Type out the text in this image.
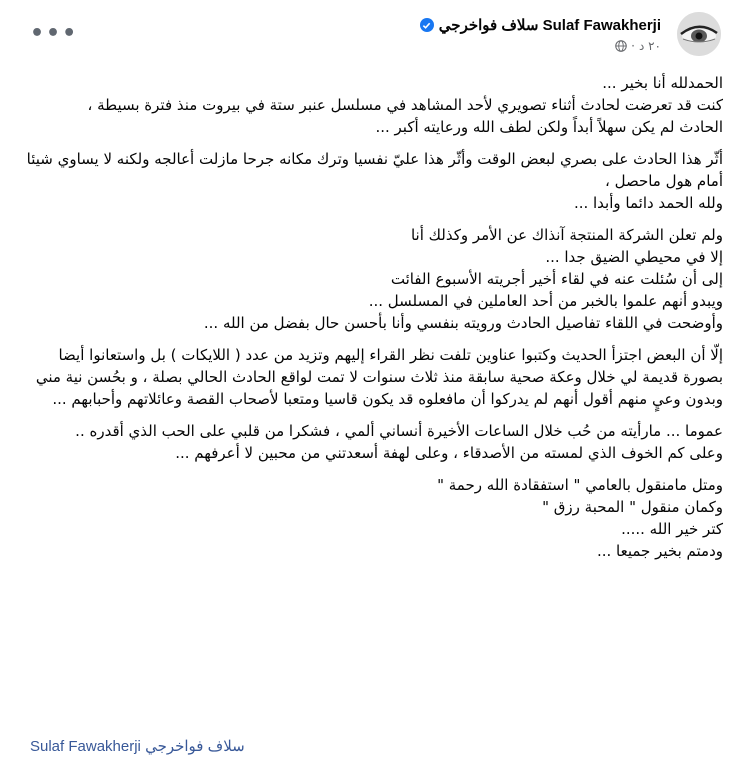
•••	Sulaf Fawakherji سلاف فواخرجي
٢٠ د
·

الحمدلله أنا بخير ...
كنت قد تعرضت لحادث أثناء تصويري لأحد المشاهد في مسلسل عنبر ستة في بيروت منذ فترة بسيطة ،
الحادث لم يكن سهلاً أبداً ولكن لطف الله ورعايته أكبر ...

أثّر هذا الحادث على بصري لبعض الوقت وأثّر هذا عليّ نفسيا وترك مكانه جرحا مازلت أعالجه ولكنه لا يساوي شيئا أمام هول ماحصل ،
ولله الحمد دائما وأبدا ...

ولم تعلن الشركة المنتجة آنذاك عن الأمر وكذلك أنا
إلا في محيطي الضيق جدا ...
إلى أن سُئلت عنه في لقاء أخير أجريته الأسبوع الفائت
ويبدو أنهم علموا بالخبر من أحد العاملين في المسلسل ...
وأوضحت في اللقاء تفاصيل الحادث ورويته بنفسي وأنا بأحسن حال بفضل من الله ...

إلّا أن البعض اجتزأ الحديث وكتبوا عناوين تلفت نظر القراء إليهم وتزيد من عدد ( اللايكات ) بل واستعانوا أيضا
بصورة قديمة لي خلال وعكة صحية سابقة منذ ثلاث سنوات لا تمت لواقع الحادث الحالي بصلة ، و بحُسن نية مني وبدون وعيٍ منهم أقول أنهم لم يدركوا أن مافعلوه قد يكون قاسيا ومتعبا لأصحاب القصة وعائلاتهم وأحبابهم ...

عموما ... مارأيته من حُب خلال الساعات الأخيرة أنساني ألمي ، فشكرا من قلبي على الحب الذي أقدره ..
وعلى كم الخوف الذي لمسته من الأصدقاء ، وعلى لهفة أسعدتني من محبين لا أعرفهم ...

ومتل مامنقول بالعامي " استفقادة الله رحمة "
وكمان منقول " المحبة رزق "
كتر خير الله .....
ودمتم بخير جميعا ...

Sulaf Fawakherji سلاف فواخرجي
